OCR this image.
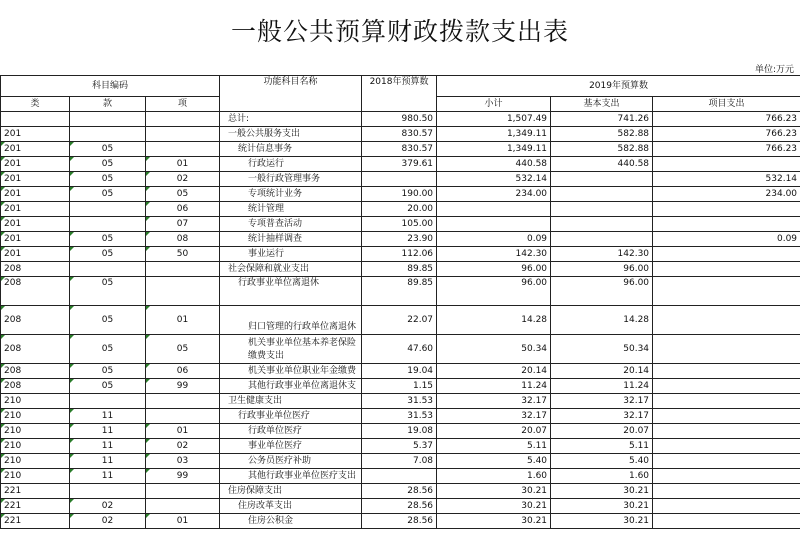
一般公共预算财政拨款支出表
单位:万元
科目编码			功能科目名称	2018年预算数	2019年预算数		
类	款	项			小计	基本支出	项目支出
			总计:	980.50	1,507.49	741.26	766.23
201			一般公共服务支出	830.57	1,349.11	582.88	766.23
201	05		统计信息事务	830.57	1,349.11	582.88	766.23
201	05	01	行政运行	379.61	440.58	440.58	
201	05	02	一般行政管理事务		532.14		532.14
201	05	05	专项统计业务	190.00	234.00		234.00
201		06	统计管理	20.00			
201		07	专项普查活动	105.00			
201	05	08	统计抽样调查	23.90	0.09		0.09
201	05	50	事业运行	112.06	142.30	142.30	
208			社会保障和就业支出	89.85	96.00	96.00	
208	05		行政事业单位离退休	89.85	96.00	96.00	
208	05	01	归口管理的行政单位离退休	22.07	14.28	14.28	
208	05	05	机关事业单位基本养老保险缴费支出	47.60	50.34	50.34	
208	05	06	机关事业单位职业年金缴费	19.04	20.14	20.14	
208	05	99	其他行政事业单位离退休支	1.15	11.24	11.24	
210			卫生健康支出	31.53	32.17	32.17	
210	11		行政事业单位医疗	31.53	32.17	32.17	
210	11	01	行政单位医疗	19.08	20.07	20.07	
210	11	02	事业单位医疗	5.37	5.11	5.11	
210	11	03	公务员医疗补助	7.08	5.40	5.40	
210	11	99	其他行政事业单位医疗支出		1.60	1.60	
221			住房保障支出	28.56	30.21	30.21	
221	02		住房改革支出	28.56	30.21	30.21	
221	02	01	住房公积金	28.56	30.21	30.21	
